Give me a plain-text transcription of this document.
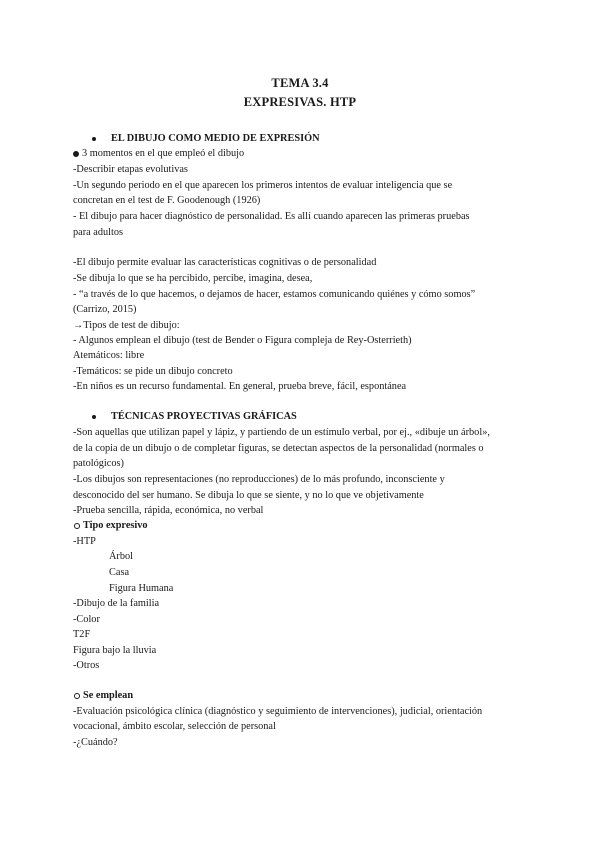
TEMA 3.4
EXPRESIVAS. HTP
EL DIBUJO COMO MEDIO DE EXPRESIÓN
3 momentos en el que empleó el dibujo
-Describir etapas evolutivas
-Un segundo periodo en el que aparecen los primeros intentos de evaluar inteligencia que se
concretan en el test de F. Goodenough (1926)
- El dibujo para hacer diagnóstico de personalidad. Es allí cuando aparecen las primeras pruebas
para adultos
-El dibujo permite evaluar las características cognitivas o de personalidad
-Se dibuja lo que se ha percibido, percibe, imagina, desea,
- “a través de lo que hacemos, o dejamos de hacer, estamos comunicando quiénes y cómo somos”
(Carrizo, 2015)
→Tipos de test de dibujo:
- Algunos emplean el dibujo (test de Bender o Figura compleja de Rey-Osterrieth)
Atemáticos: libre
-Temáticos: se pide un dibujo concreto
-En niños es un recurso fundamental. En general, prueba breve, fácil, espontánea
TÉCNICAS PROYECTIVAS GRÁFICAS
-Son aquellas que utilizan papel y lápiz, y partiendo de un estímulo verbal, por ej., «dibuje un árbol»,
de la copia de un dibujo o de completar figuras, se detectan aspectos de la personalidad (normales o
patológicos)
-Los dibujos son representaciones (no reproducciones) de lo más profundo, inconsciente y
desconocido del ser humano. Se dibuja lo que se siente, y no lo que ve objetivamente
-Prueba sencilla, rápida, económica, no verbal
Tipo expresivo
-HTP
Árbol
Casa
Figura Humana
-Dibujo de la familia
-Color
T2F
Figura bajo la lluvia
-Otros
Se emplean
-Evaluación psicológica clínica (diagnóstico y seguimiento de intervenciones), judicial, orientación
vocacional, ámbito escolar, selección de personal
-¿Cuándo?
